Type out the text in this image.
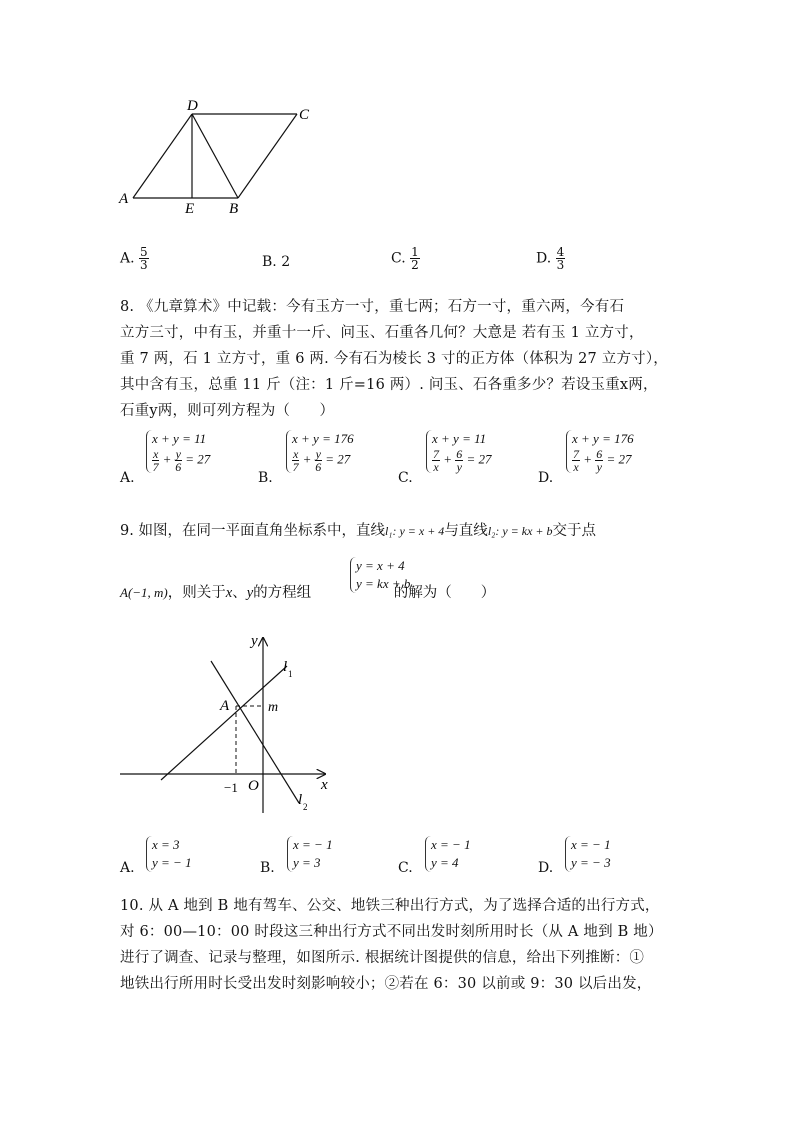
D
C
A
E B
A. $\frac{5}{3}$	B. 2	C. $\frac{1}{2}$	D. $\frac{4}{3}$
8. 《九章算术》中记载：今有玉方一寸，重七两；石方一寸，重六两，今有石
立方三寸，中有玉，并重十一斤、问玉、石重各几何？大意是 若有玉 1 立方寸，
重 7 两，石 1 立方寸，重 6 两. 今有石为棱长 3 寸的正方体（体积为 27 立方寸），
其中含有玉，总重 11 斤（注：1 斤=16 两）. 问玉、石各重多少？若设玉重x两，
石重y两，则可列方程为（　　）
A.
x + y = 11
$\frac{x}{7} + \frac{y}{6} = 27$
B.
x + y = 176
$\frac{x}{7} + \frac{y}{6} = 27$
C.
x + y = 11
$\frac{7}{x} + \frac{6}{y} = 27$
D.
x + y = 176
$\frac{7}{x} + \frac{6}{y} = 27$
9. 如图，在同一平面直角坐标系中，直线l₁: y = x + 4与直线l₂: y = kx + b交于点
A(−1, m)，则关于x、y的方程组	的解为（　　）
y = x + 4
y = kx + b
y
x
O
A	m
−1
l 1
l 2
A.
x = 3
y = − 1	B.
x = − 1
y = 3	C.
x = − 1
y = 4	D.
x = − 1
y = − 3
10. 从 A 地到 B 地有驾车、公交、地铁三种出行方式，为了选择合适的出行方式，
对 6：00—10：00 时段这三种出行方式不同出发时刻所用时长（从 A 地到 B 地）
进行了调查、记录与整理，如图所示. 根据统计图提供的信息，给出下列推断：①
地铁出行所用时长受出发时刻影响较小；②若在 6：30 以前或 9：30 以后出发，
